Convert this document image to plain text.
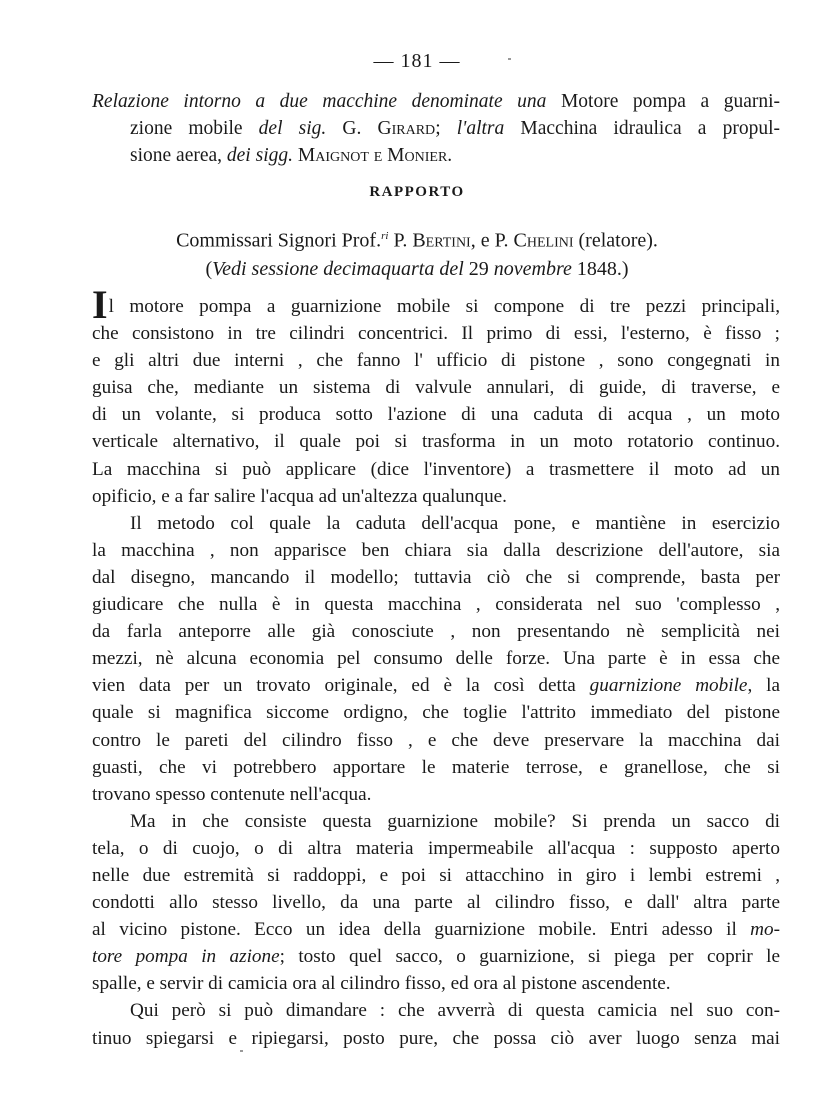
— 181 —
Relazione intorno a due macchine denominate una Motore pompa a guarni-
zione mobile del sig. G. Girard; l'altra Macchina idraulica a propul-
sione aerea, dei sigg. Maignot e Monier.
RAPPORTO
Commissari Signori Prof.$^{ri}$ P. Bertini, e P. Chelini (relatore).
(Vedi sessione decimaquarta del 29 novembre 1848.)
Il motore pompa a guarnizione mobile si compone di tre pezzi principali,
che consistono in tre cilindri concentrici. Il primo di essi, l'esterno, è fisso ;
e gli altri due interni , che fanno l' ufficio di pistone , sono congegnati in
guisa che, mediante un sistema di valvule annulari, di guide, di traverse, e
di un volante, si produca sotto l'azione di una caduta di acqua , un moto
verticale alternativo, il quale poi si trasforma in un moto rotatorio continuo.
La macchina si può applicare (dice l'inventore) a trasmettere il moto ad un
opificio, e a far salire l'acqua ad un'altezza qualunque.
Il metodo col quale la caduta dell'acqua pone, e mantiène in esercizio
la macchina , non apparisce ben chiara sia dalla descrizione dell'autore, sia
dal disegno, mancando il modello; tuttavia ciò che si comprende, basta per
giudicare che nulla è in questa macchina , considerata nel suo 'complesso ,
da farla anteporre alle già conosciute , non presentando nè semplicità nei
mezzi, nè alcuna economia pel consumo delle forze. Una parte è in essa che
vien data per un trovato originale, ed è la così detta guarnizione mobile, la
quale si magnifica siccome ordigno, che toglie l'attrito immediato del pistone
contro le pareti del cilindro fisso , e che deve preservare la macchina dai
guasti, che vi potrebbero apportare le materie terrose, e granellose, che si
trovano spesso contenute nell'acqua.
Ma in che consiste questa guarnizione mobile? Si prenda un sacco di
tela, o di cuojo, o di altra materia impermeabile all'acqua : supposto aperto
nelle due estremità si raddoppi, e poi si attacchino in giro i lembi estremi ,
condotti allo stesso livello, da una parte al cilindro fisso, e dall' altra parte
al vicino pistone. Ecco un idea della guarnizione mobile. Entri adesso il mo-
tore pompa in azione; tosto quel sacco, o guarnizione, si piega per coprir le
spalle, e servir di camicia ora al cilindro fisso, ed ora al pistone ascendente.
Qui però si può dimandare : che avverrà di questa camicia nel suo con-
tinuo spiegarsi e ripiegarsi, posto pure, che possa ciò aver luogo senza mai
